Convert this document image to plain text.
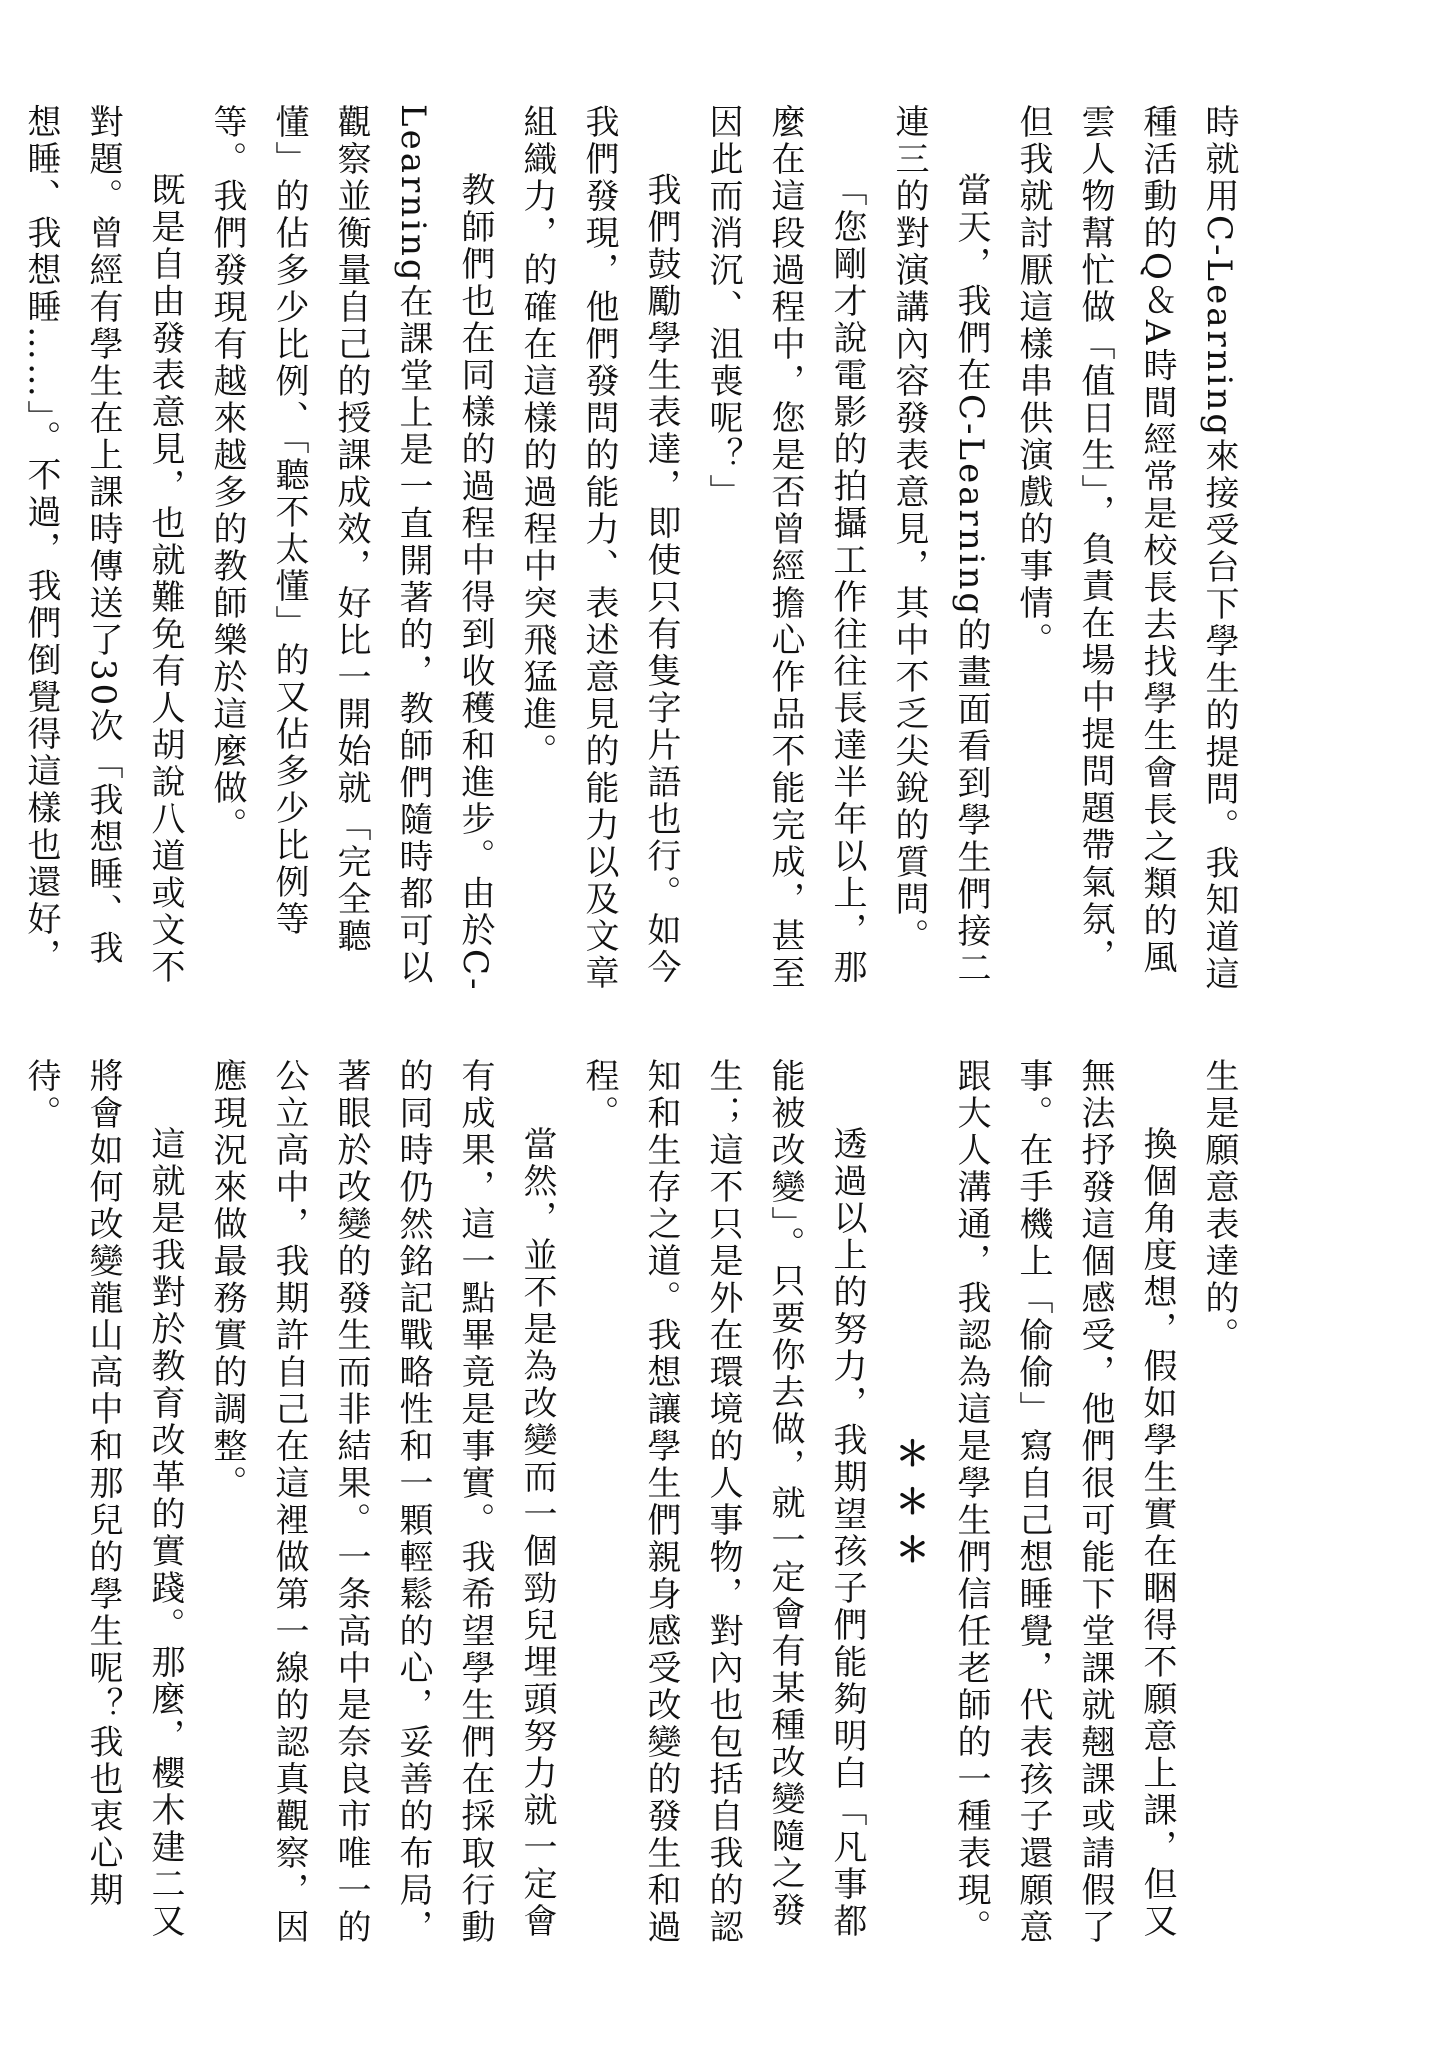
時就用C-Learning來接受台下學生的提問。我知道這種活動的Q＆A時間經常是校長去找學生會長之類的風雲人物幫忙做「值日生」，負責在場中提問題帶氣氛，但我就討厭這樣串供演戲的事情。

當天，我們在C-Learning的畫面看到學生們接二連三的對演講內容發表意見，其中不乏尖銳的質問。

「您剛才說電影的拍攝工作往往長達半年以上，那麼在這段過程中，您是否曾經擔心作品不能完成，甚至因此而消沉、沮喪呢？」

我們鼓勵學生表達，即使只有隻字片語也行。如今我們發現，他們發問的能力、表述意見的能力以及文章組織力，的確在這樣的過程中突飛猛進。

教師們也在同樣的過程中得到收穫和進步。由於C-Learning在課堂上是一直開著的，教師們隨時都可以觀察並衡量自己的授課成效，好比一開始就「完全聽懂」的佔多少比例、「聽不太懂」的又佔多少比例等等。我們發現有越來越多的教師樂於這麼做。

既是自由發表意見，也就難免有人胡說八道或文不對題。曾經有學生在上課時傳送了30次「我想睡、我想睡、我想睡……」。不過，我們倒覺得這樣也還好，

生是願意表達的。

換個角度想，假如學生實在睏得不願意上課，但又無法抒發這個感受，他們很可能下堂課就翹課或請假了事。在手機上「偷偷」寫自己想睡覺，代表孩子還願意跟大人溝通，我認為這是學生們信任老師的一種表現。

＊＊＊

透過以上的努力，我期望孩子們能夠明白「凡事都能被改變」。只要你去做，就一定會有某種改變隨之發生；這不只是外在環境的人事物，對內也包括自我的認知和生存之道。我想讓學生們親身感受改變的發生和過程。

當然，並不是為改變而一個勁兒埋頭努力就一定會有成果，這一點畢竟是事實。我希望學生們在採取行動的同時仍然銘記戰略性和一顆輕鬆的心，妥善的布局，著眼於改變的發生而非結果。一条高中是奈良市唯一的公立高中，我期許自己在這裡做第一線的認真觀察，因應現況來做最務實的調整。

這就是我對於教育改革的實踐。那麼，櫻木建二又將會如何改變龍山高中和那兒的學生呢？我也衷心期待。
